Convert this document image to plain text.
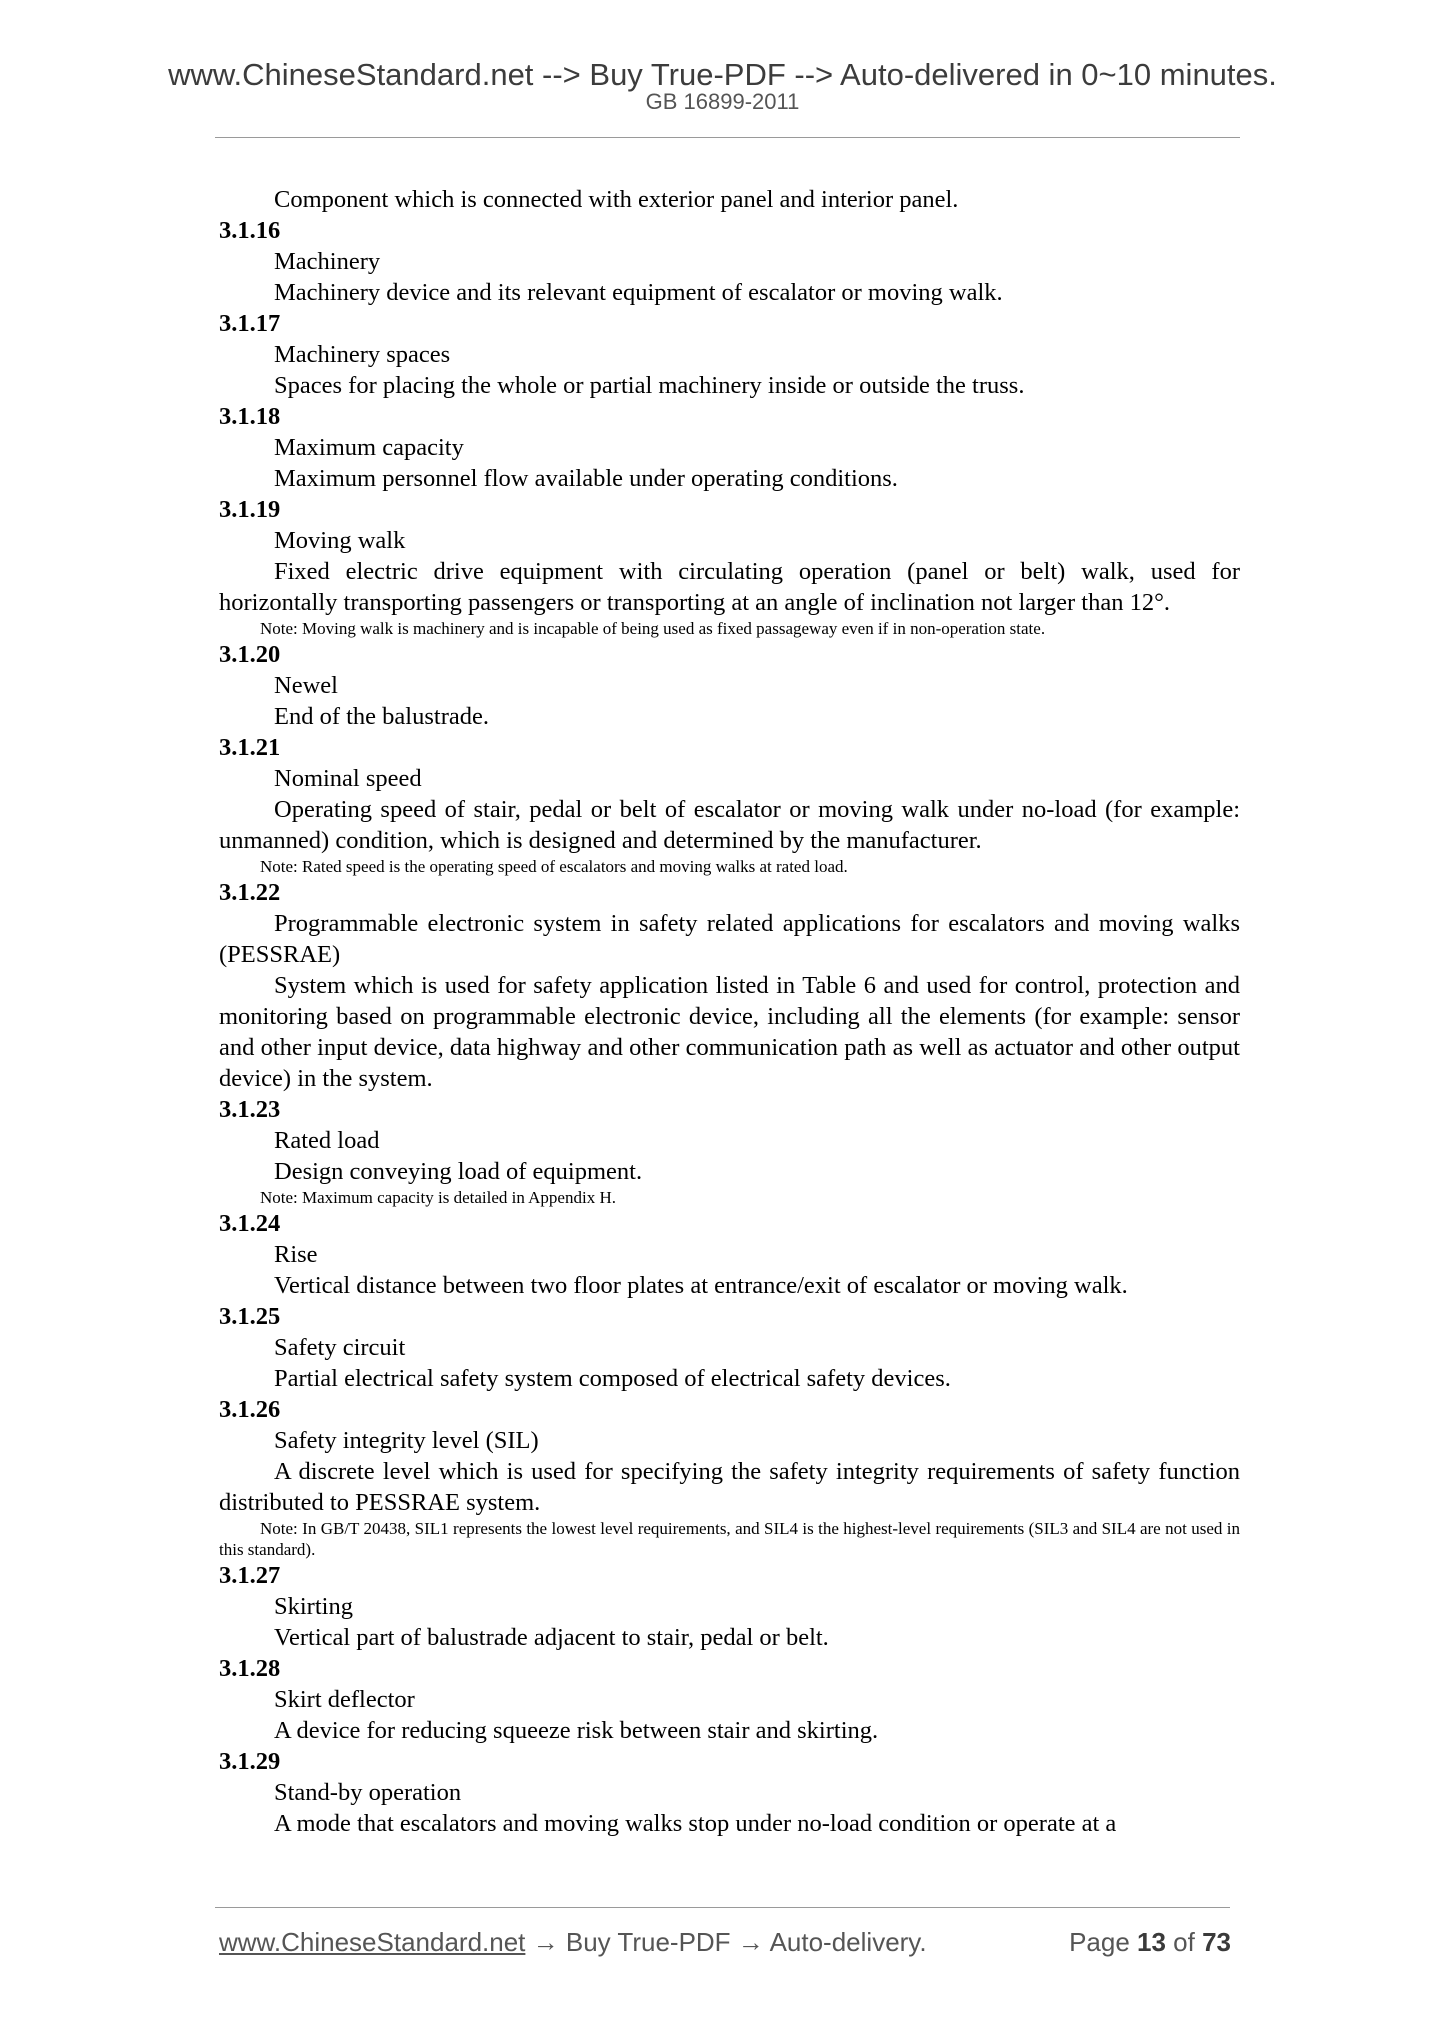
www.ChineseStandard.net --> Buy True-PDF --> Auto-delivered in 0~10 minutes.
GB 16899-2011

Component which is connected with exterior panel and interior panel.

3.1.16

Machinery

Machinery device and its relevant equipment of escalator or moving walk.

3.1.17

Machinery spaces

Spaces for placing the whole or partial machinery inside or outside the truss.

3.1.18

Maximum capacity

Maximum personnel flow available under operating conditions.

3.1.19

Moving walk

Fixed electric drive equipment with circulating operation (panel or belt) walk, used for horizontally transporting passengers or transporting at an angle of inclination not larger than 12°.

Note: Moving walk is machinery and is incapable of being used as fixed passageway even if in non-operation state.

3.1.20

Newel

End of the balustrade.

3.1.21

Nominal speed

Operating speed of stair, pedal or belt of escalator or moving walk under no-load (for example: unmanned) condition, which is designed and determined by the manufacturer.

Note: Rated speed is the operating speed of escalators and moving walks at rated load.

3.1.22

Programmable electronic system in safety related applications for escalators and moving walks (PESSRAE)

System which is used for safety application listed in Table 6 and used for control, protection and monitoring based on programmable electronic device, including all the elements (for example: sensor and other input device, data highway and other communication path as well as actuator and other output device) in the system.

3.1.23

Rated load

Design conveying load of equipment.

Note: Maximum capacity is detailed in Appendix H.

3.1.24

Rise

Vertical distance between two floor plates at entrance/exit of escalator or moving walk.

3.1.25

Safety circuit

Partial electrical safety system composed of electrical safety devices.

3.1.26

Safety integrity level (SIL)

A discrete level which is used for specifying the safety integrity requirements of safety function distributed to PESSRAE system.

Note: In GB/T 20438, SIL1 represents the lowest level requirements, and SIL4 is the highest-level requirements (SIL3 and SIL4 are not used in this standard).

3.1.27

Skirting

Vertical part of balustrade adjacent to stair, pedal or belt.

3.1.28

Skirt deflector

A device for reducing squeeze risk between stair and skirting.

3.1.29

Stand-by operation

A mode that escalators and moving walks stop under no-load condition or operate at a

www.ChineseStandard.net → Buy True-PDF → Auto-delivery.	Page 13 of 73
